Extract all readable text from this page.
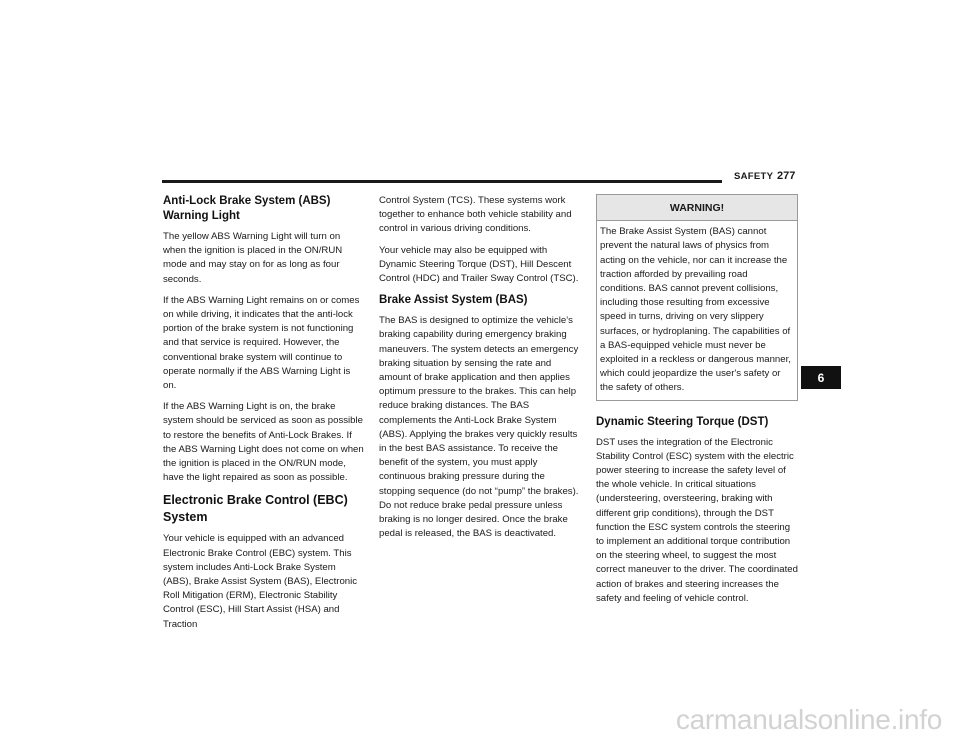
SAFETY 277
Anti-Lock Brake System (ABS) Warning Light

The yellow ABS Warning Light will turn on when the ignition is placed in the ON/RUN mode and may stay on for as long as four seconds.

If the ABS Warning Light remains on or comes on while driving, it indicates that the anti-lock portion of the brake system is not functioning and that service is required. However, the conventional brake system will continue to operate normally if the ABS Warning Light is on.

If the ABS Warning Light is on, the brake system should be serviced as soon as possible to restore the benefits of Anti-Lock Brakes. If the ABS Warning Light does not come on when the ignition is placed in the ON/RUN mode, have the light repaired as soon as possible.

Electronic Brake Control (EBC)
System

Your vehicle is equipped with an advanced Electronic Brake Control (EBC) system. This system includes Anti-Lock Brake System (ABS), Brake Assist System (BAS), Electronic Roll Mitigation (ERM), Electronic Stability Control (ESC), Hill Start Assist (HSA) and Traction

Control System (TCS). These systems work together to enhance both vehicle stability and control in various driving conditions.

Your vehicle may also be equipped with Dynamic Steering Torque (DST), Hill Descent Control (HDC) and Trailer Sway Control (TSC).

Brake Assist System (BAS)

The BAS is designed to optimize the vehicle’s braking capability during emergency braking maneuvers. The system detects an emergency braking situation by sensing the rate and amount of brake application and then applies optimum pressure to the brakes. This can help reduce braking distances. The BAS complements the Anti-Lock Brake System (ABS). Applying the brakes very quickly results in the best BAS assistance. To receive the benefit of the system, you must apply continuous braking pressure during the stopping sequence (do not “pump” the brakes). Do not reduce brake pedal pressure unless braking is no longer desired. Once the brake pedal is released, the BAS is deactivated.

WARNING!
The Brake Assist System (BAS) cannot prevent the natural laws of physics from acting on the vehicle, nor can it increase the traction afforded by prevailing road conditions. BAS cannot prevent collisions, including those resulting from excessive speed in turns, driving on very slippery surfaces, or hydroplaning. The capabilities of a BAS-equipped vehicle must never be exploited in a reckless or dangerous manner, which could jeopardize the user's safety or the safety of others.
Dynamic Steering Torque (DST)

DST uses the integration of the Electronic Stability Control (ESC) system with the electric power steering to increase the safety level of the whole vehicle. In critical situations (understeering, oversteering, braking with different grip conditions), through the DST function the ESC system controls the steering to implement an additional torque contribution on the steering wheel, to suggest the most correct maneuver to the driver. The coordinated action of brakes and steering increases the safety and feeling of vehicle control.

6
carmanualsonline.info
